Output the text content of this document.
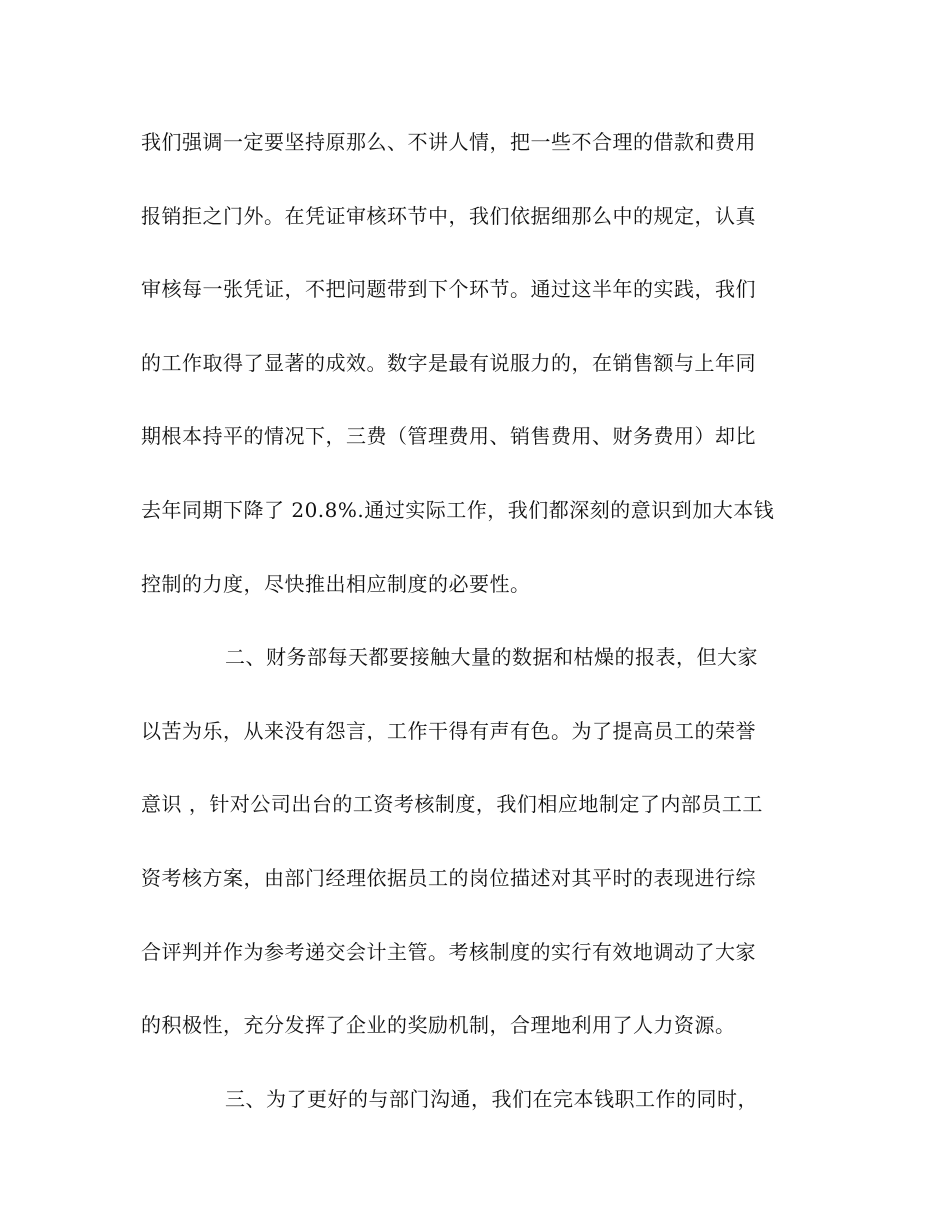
我们强调一定要坚持原那么、不讲人情，把一些不合理的借款和费用
报销拒之门外。在凭证审核环节中，我们依据细那么中的规定，认真
审核每一张凭证，不把问题带到下个环节。通过这半年的实践，我们
的工作取得了显著的成效。数字是最有说服力的，在销售额与上年同
期根本持平的情况下，三费（管理费用、销售费用、财务费用）却比
去年同期下降了 20.8%.通过实际工作，我们都深刻的意识到加大本钱
控制的力度，尽快推出相应制度的必要性。
二、财务部每天都要接触大量的数据和枯燥的报表，但大家
以苦为乐，从来没有怨言，工作干得有声有色。为了提高员工的荣誉
意识 ，针对公司出台的工资考核制度，我们相应地制定了内部员工工
资考核方案，由部门经理依据员工的岗位描述对其平时的表现进行综
合评判并作为参考递交会计主管。考核制度的实行有效地调动了大家
的积极性，充分发挥了企业的奖励机制，合理地利用了人力资源。
三、为了更好的与部门沟通，我们在完本钱职工作的同时，
